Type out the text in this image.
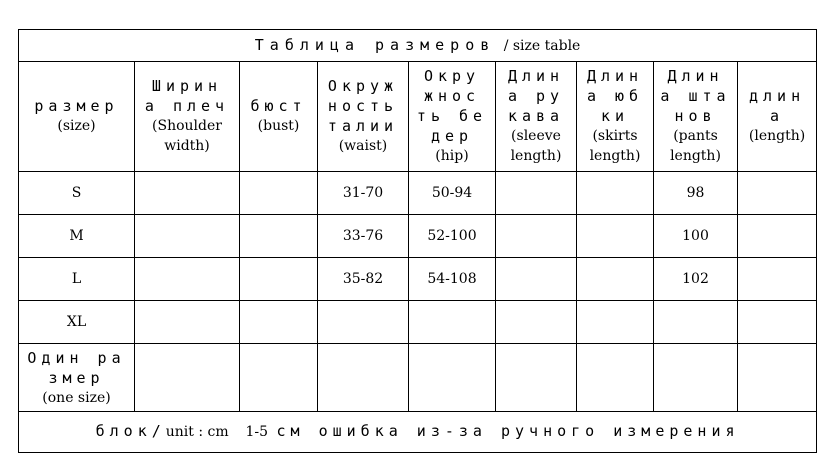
Таблица размеров / size table								

размер
(size)	Ширин
а плеч
(Shoulder
width)	бюст
(bust)	Окруж
ность
талии
(waist)	Окру
жнос
ть бе
дер
(hip)	Длин
а ру
кава
(sleeve
length)	Длин
а юб
ки
(skirts
length)	Длин
а шта
нов
(pants
length)	длин
а
(length)

S			31-70	50-94			98	
M			33-76	52-100			100	
L			35-82	54-108			102	
XL								

Один ра
змер
(one size)								

блок/unit : cm 1-5 см ошибка из-за ручного измерения								
